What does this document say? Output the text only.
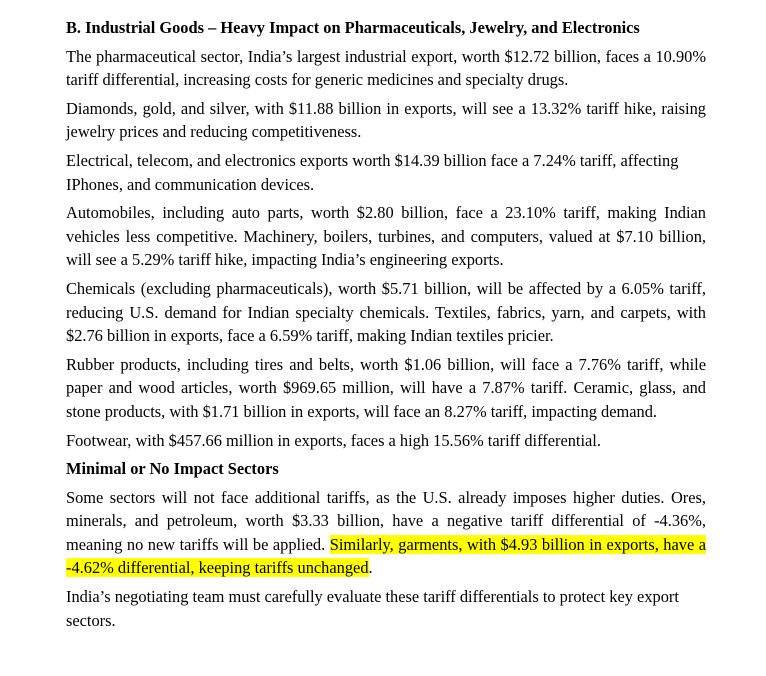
B. Industrial Goods – Heavy Impact on Pharmaceuticals, Jewelry, and Electronics

The pharmaceutical sector, India’s largest industrial export, worth $12.72 billion, faces a 10.90% tariff differential, increasing costs for generic medicines and specialty drugs.

Diamonds, gold, and silver, with $11.88 billion in exports, will see a 13.32% tariff hike, raising jewelry prices and reducing competitiveness.

Electrical, telecom, and electronics exports worth $14.39 billion face a 7.24% tariff, affecting IPhones, and communication devices.

Automobiles, including auto parts, worth $2.80 billion, face a 23.10% tariff, making Indian vehicles less competitive. Machinery, boilers, turbines, and computers, valued at $7.10 billion, will see a 5.29% tariff hike, impacting India’s engineering exports.

Chemicals (excluding pharmaceuticals), worth $5.71 billion, will be affected by a 6.05% tariff, reducing U.S. demand for Indian specialty chemicals. Textiles, fabrics, yarn, and carpets, with $2.76 billion in exports, face a 6.59% tariff, making Indian textiles pricier.

Rubber products, including tires and belts, worth $1.06 billion, will face a 7.76% tariff, while paper and wood articles, worth $969.65 million, will have a 7.87% tariff. Ceramic, glass, and stone products, with $1.71 billion in exports, will face an 8.27% tariff, impacting demand.

Footwear, with $457.66 million in exports, faces a high 15.56% tariff differential.

Minimal or No Impact Sectors

Some sectors will not face additional tariffs, as the U.S. already imposes higher duties. Ores, minerals, and petroleum, worth $3.33 billion, have a negative tariff differential of -4.36%, meaning no new tariffs will be applied. Similarly, garments, with $4.93 billion in exports, have a -4.62% differential, keeping tariffs unchanged.

India’s negotiating team must carefully evaluate these tariff differentials to protect key export sectors.
